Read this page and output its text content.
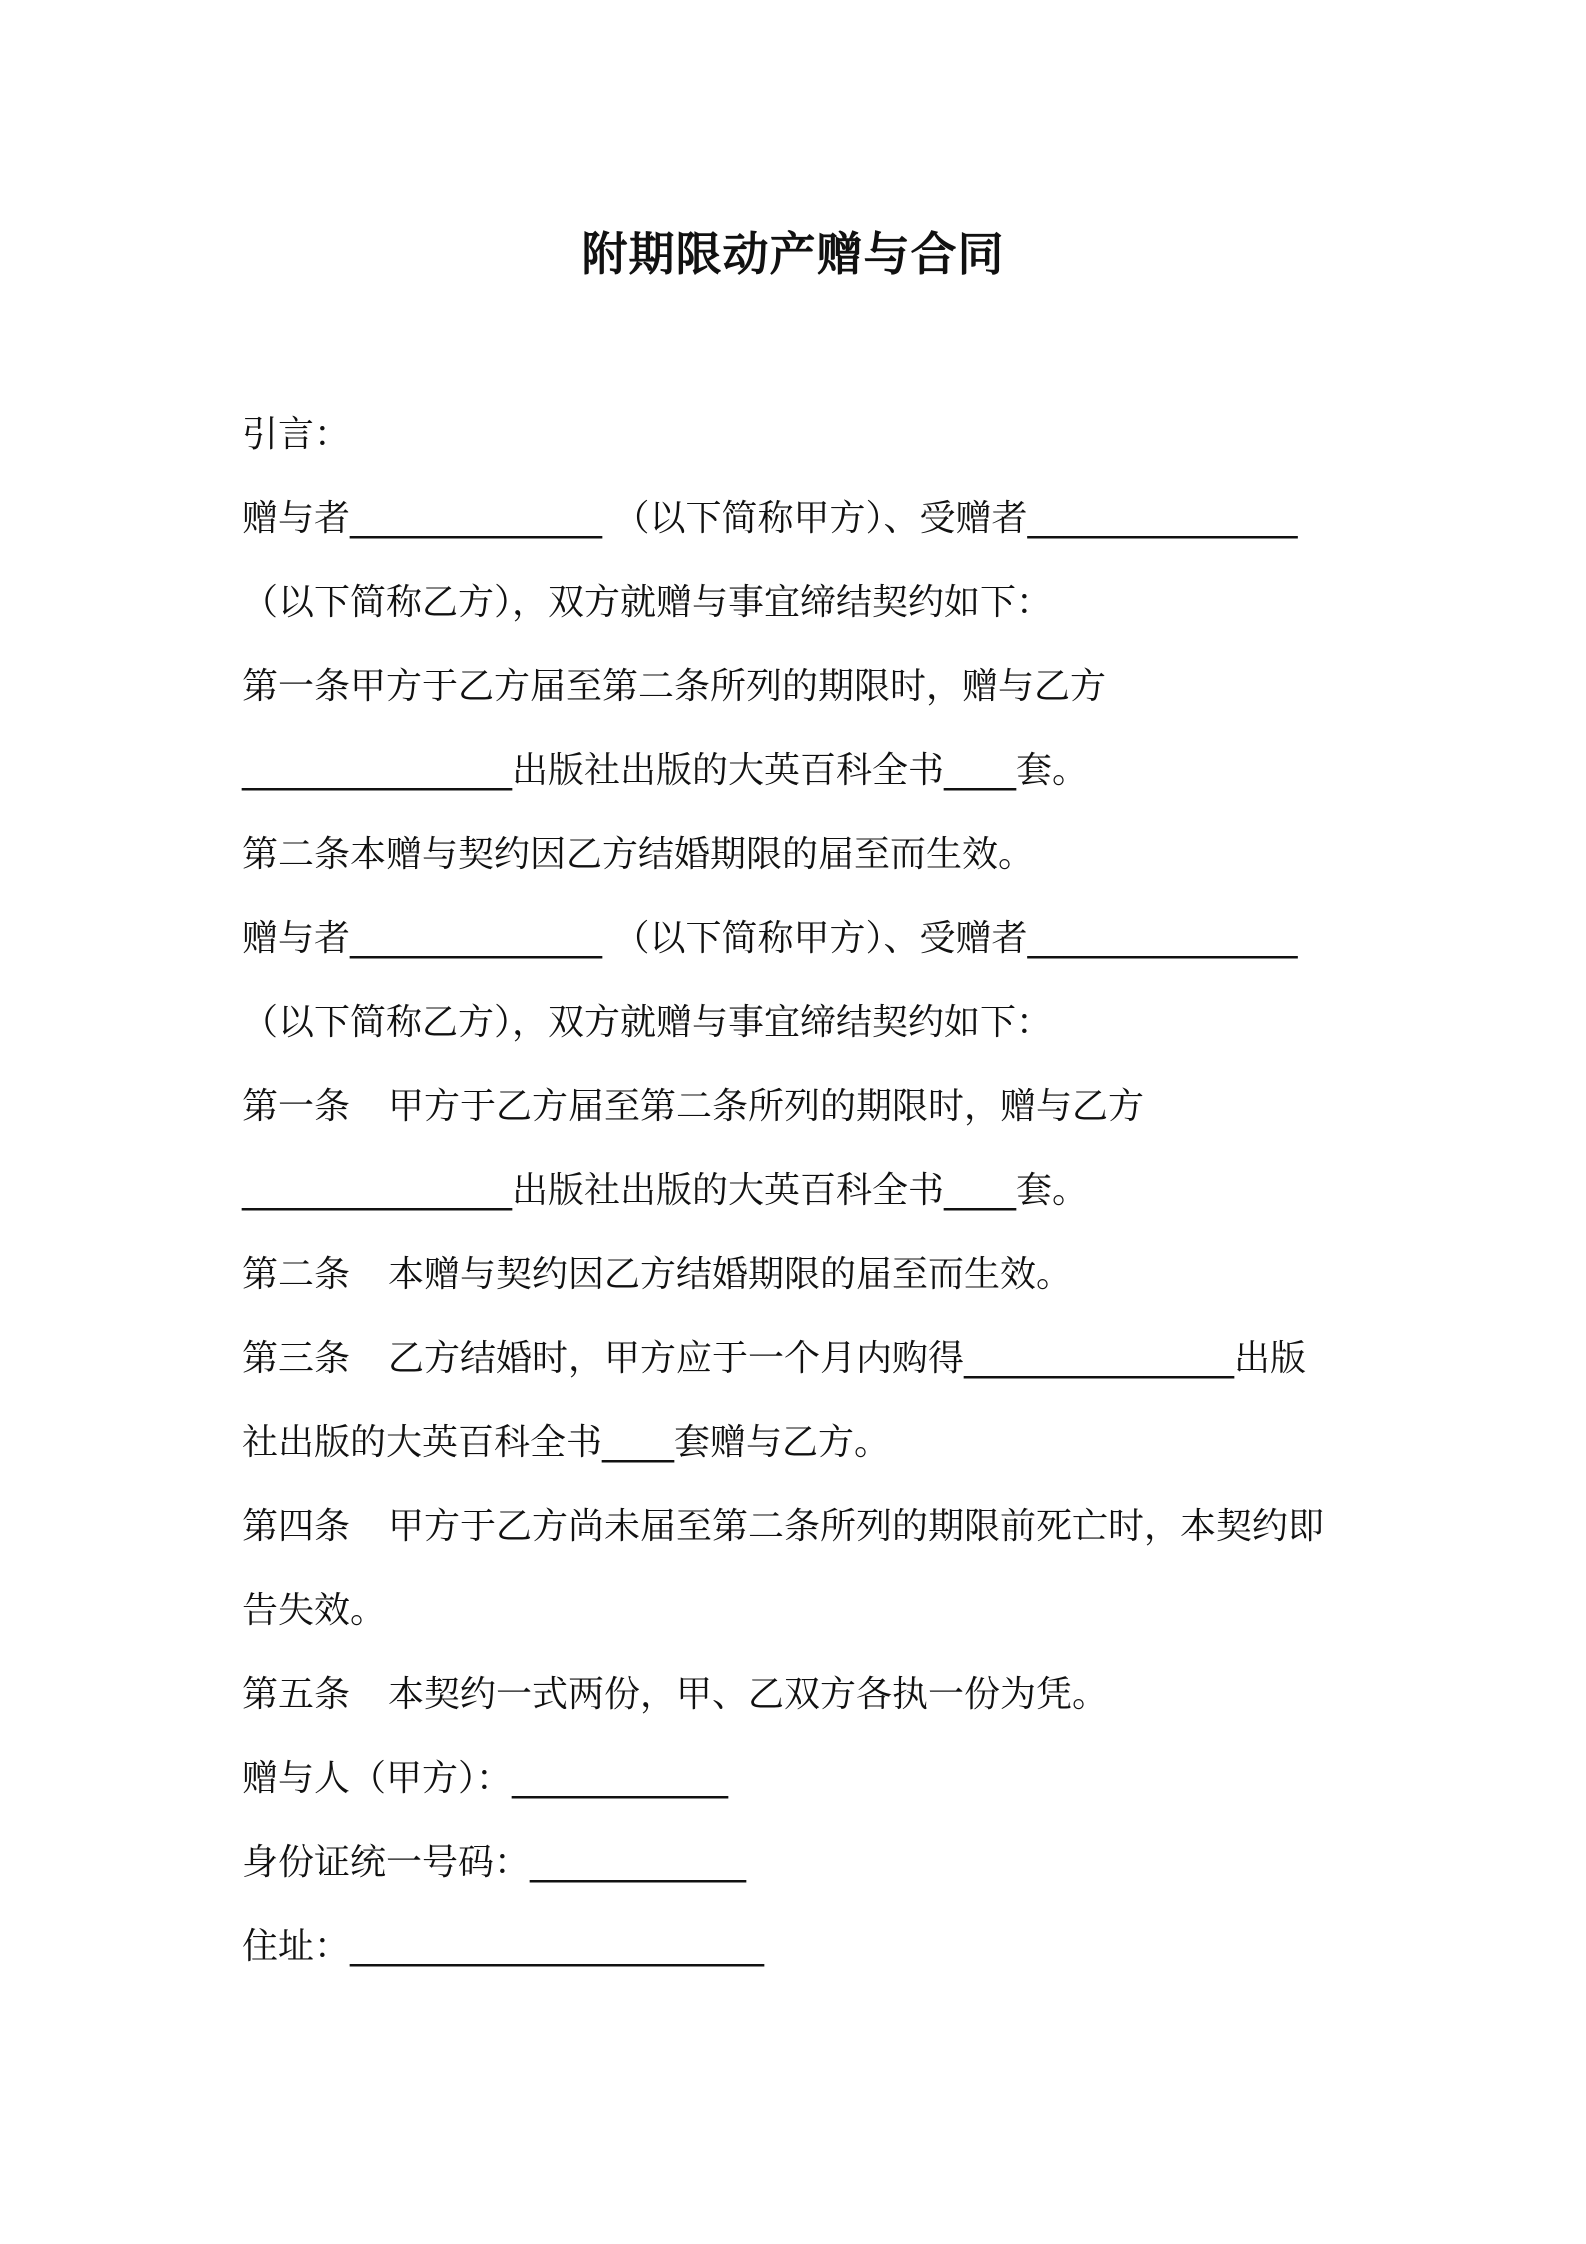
附期限动产赠与合同
引言：
赠与者______________ （以下简称甲方）、受赠者_______________
（以下简称乙方），双方就赠与事宜缔结契约如下：
第一条甲方于乙方届至第二条所列的期限时，赠与乙方
_______________出版社出版的大英百科全书____套。
第二条本赠与契约因乙方结婚期限的届至而生效。
赠与者______________ （以下简称甲方）、受赠者_______________
（以下简称乙方），双方就赠与事宜缔结契约如下：
第一条 甲方于乙方届至第二条所列的期限时，赠与乙方
_______________出版社出版的大英百科全书____套。
第二条 本赠与契约因乙方结婚期限的届至而生效。
第三条 乙方结婚时，甲方应于一个月内购得_______________出版
社出版的大英百科全书____套赠与乙方。
第四条 甲方于乙方尚未届至第二条所列的期限前死亡时，本契约即
告失效。
第五条 本契约一式两份，甲、乙双方各执一份为凭。
赠与人（甲方）：____________
身份证统一号码：____________
住址：_______________________
